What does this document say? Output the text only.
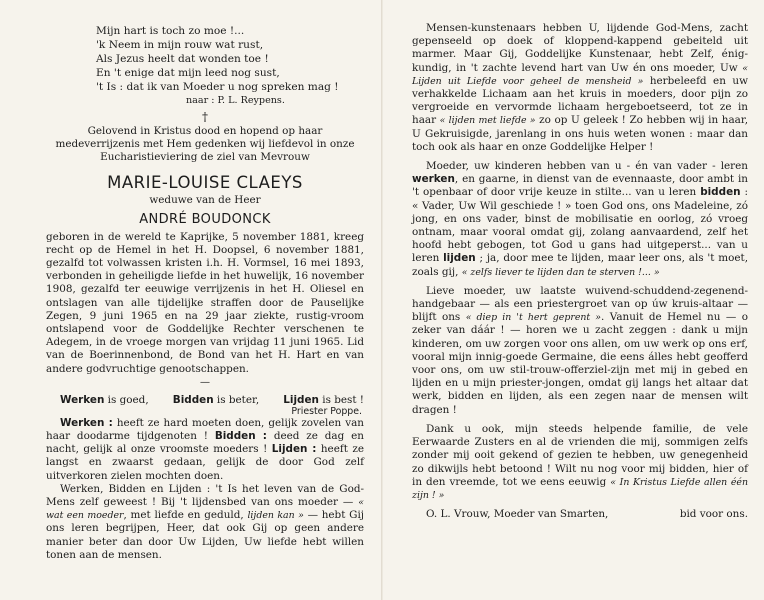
Mijn hart is toch zo moe !...
'k Neem in mijn rouw wat rust,
Als Jezus heelt dat wonden toe !
En 't enige dat mijn leed nog sust,
't Is : dat ik van Moeder u nog spreken mag !
naar : P. L. Reypens.
†

Gelovend in Kristus dood en hopend op haar medeverrijzenis met Hem gedenken wij liefdevol in onze Eucharistieviering de ziel van Mevrouw

MARIE-LOUISE CLAEYS
weduwe van de Heer
ANDRÉ BOUDONCK

geboren in de wereld te Kaprijke, 5 november 1881, kreeg recht op de Hemel in het H. Doopsel, 6 november 1881, gezalfd tot volwassen kristen i.h. H. Vormsel, 16 mei 1893, verbonden in geheiligde liefde in het huwelijk, 16 november 1908, gezalfd ter eeuwige verrijzenis in het H. Oliesel en ontslagen van alle tijdelijke straffen door de Pauselijke Zegen, 9 juni 1965 en na 29 jaar ziekte, rustig-vroom ontslapend voor de Goddelijke Rechter verschenen te Adegem, in de vroege morgen van vrijdag 11 juni 1965. Lid van de Boerinnenbond, de Bond van het H. Hart en van andere godvruchtige genootschappen.

—
Werken is goed, Bidden is beter, Lijden is best !
Priester Poppe.

Werken : heeft ze hard moeten doen, gelijk zovelen van haar doodarme tijdgenoten ! Bidden : deed ze dag en nacht, gelijk al onze vroomste moeders ! Lijden : heeft ze langst en zwaarst gedaan, gelijk de door God zelf uitverkoren zielen mochten doen.

Werken, Bidden en Lijden : 't Is het leven van de God-Mens zelf geweest ! Bij 't lijdensbed van ons moeder — « wat een moeder, met liefde en geduld, lijden kan » — hebt Gij ons leren begrijpen, Heer, dat ook Gij op geen andere manier beter dan door Uw Lijden, Uw liefde hebt willen tonen aan de mensen.

Mensen-kunstenaars hebben U, lijdende God-Mens, zacht gepenseeld op doek of kloppend-kappend gebeiteld uit marmer. Maar Gij, Goddelijke Kunstenaar, hebt Zelf, énig-kundig, in 't zachte levend hart van Uw én ons moeder, Uw « Lijden uit Liefde voor geheel de mensheid » herbeleefd en uw verhakkelde Lichaam aan het kruis in moeders, door pijn zo vergroeide en vervormde lichaam hergeboetseerd, tot ze in haar « lijden met liefde » zo op U geleek ! Zo hebben wij in haar, U Gekruisigde, jarenlang in ons huis weten wonen : maar dan toch ook als haar en onze Goddelijke Helper !

Moeder, uw kinderen hebben van u - én van vader - leren werken, en gaarne, in dienst van de evennaaste, door ambt in 't openbaar of door vrije keuze in stilte... van u leren bidden : « Vader, Uw Wil geschiede ! » toen God ons, ons Madeleine, zó jong, en ons vader, binst de mobilisatie en oorlog, zó vroeg ontnam, maar vooral omdat gij, zolang aanvaardend, zelf het hoofd hebt gebogen, tot God u gans had uitgeperst... van u leren lijden ; ja, door mee te lijden, maar leer ons, als 't moet, zoals gij, « zelfs liever te lijden dan te sterven !... »

Lieve moeder, uw laatste wuivend-schuddend-zegenend-handgebaar — als een priestergroet van op úw kruis-altaar — blijft ons « diep in 't hert geprent ». Vanuit de Hemel nu — o zeker van dáár ! — horen we u zacht zeggen : dank u mijn kinderen, om uw zorgen voor ons allen, om uw werk op ons erf, vooral mijn innig-goede Germaine, die eens álles hebt geofferd voor ons, om uw stil-trouw-offerziel-zijn met mij in gebed en lijden en u mijn priester-jongen, omdat gij langs het altaar dat werk, bidden en lijden, als een zegen naar de mensen wilt dragen !

Dank u ook, mijn steeds helpende familie, de vele Eerwaarde Zusters en al de vrienden die mij, sommigen zelfs zonder mij ooit gekend of gezien te hebben, uw genegenheid zo dikwijls hebt betoond ! Wilt nu nog voor mij bidden, hier of in den vreemde, tot we eens eeuwig « In Kristus Liefde allen één zijn ! »

O. L. Vrouw, Moeder van Smarten,	bid voor ons.
